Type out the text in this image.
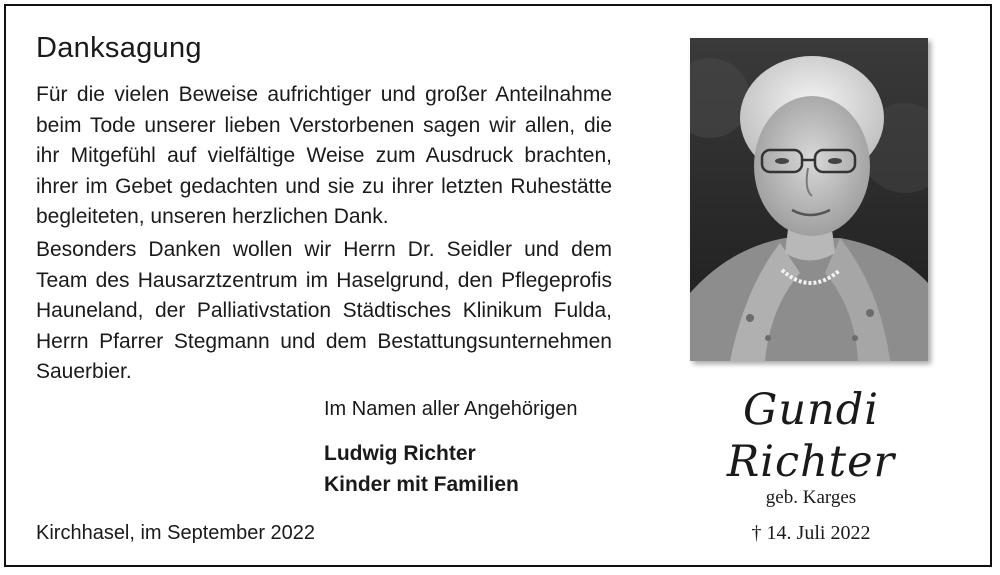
Danksagung

Für die vielen Beweise aufrichtiger und großer Anteilnahme beim Tode unserer lieben Verstorbenen sagen wir allen, die ihr Mitgefühl auf vielfältige Weise zum Ausdruck brachten, ihrer im Gebet gedachten und sie zu ihrer letzten Ruhestätte begleiteten, unseren herzlichen Dank.

Besonders Danken wollen wir Herrn Dr. Seidler und dem Team des Hausarztzentrum im Haselgrund, den Pflegeprofis Hauneland, der Palliativstation Städtisches Klinikum Fulda, Herrn Pfarrer Stegmann und dem Bestattungsunternehmen Sauerbier.

Im Namen aller Angehörigen

Ludwig Richter
Kinder mit Familien

Kirchhasel, im September 2022

Gundi
Richter
geb. Karges
† 14. Juli 2022
